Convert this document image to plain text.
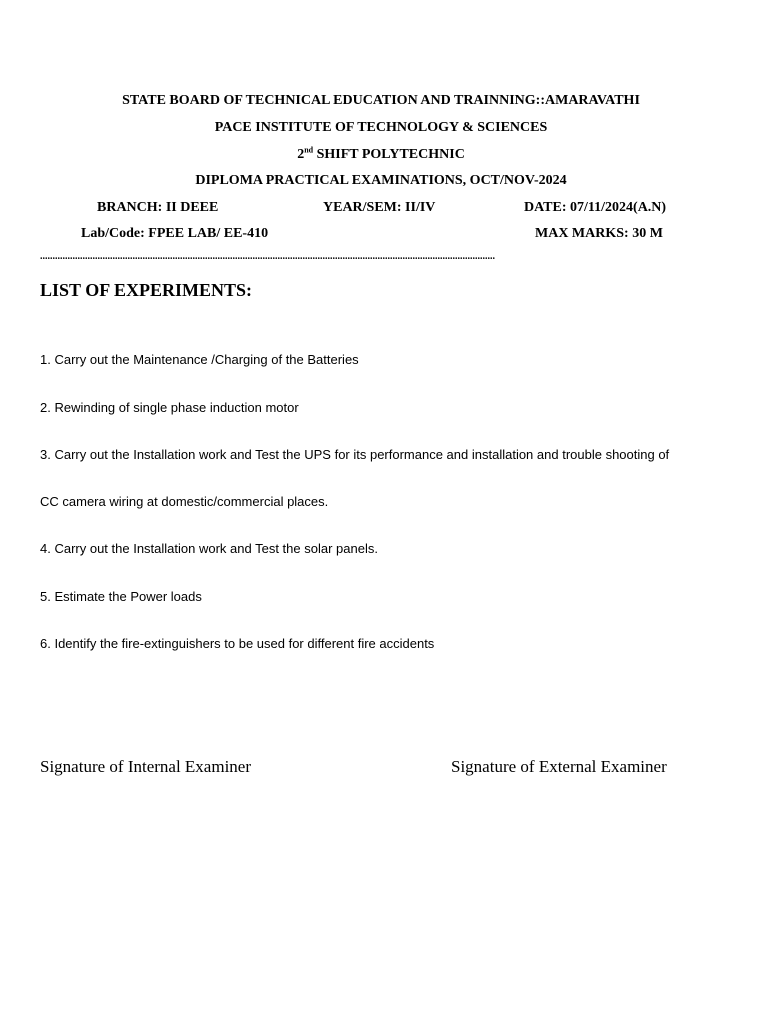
STATE BOARD OF TECHNICAL EDUCATION AND TRAINNING::AMARAVATHI
PACE INSTITUTE OF TECHNOLOGY & SCIENCES
2nd SHIFT POLYTECHNIC
DIPLOMA PRACTICAL EXAMINATIONS, OCT/NOV-2024
BRANCH: II DEEE	YEAR/SEM: II/IV	DATE: 07/11/2024(A.N)
Lab/Code: FPEE LAB/ EE-410	MAX MARKS: 30 M
......................................................................................................................................................................................
LIST OF EXPERIMENTS:
1. Carry out the Maintenance /Charging of the Batteries
2. Rewinding of single phase induction motor
3. Carry out the Installation work and Test the UPS for its performance and installation and trouble shooting of
CC camera wiring at domestic/commercial places.
4. Carry out the Installation work and Test the solar panels.
5. Estimate the Power loads
6. Identify the fire-extinguishers to be used for different fire accidents
Signature of Internal Examiner	Signature of External Examiner
